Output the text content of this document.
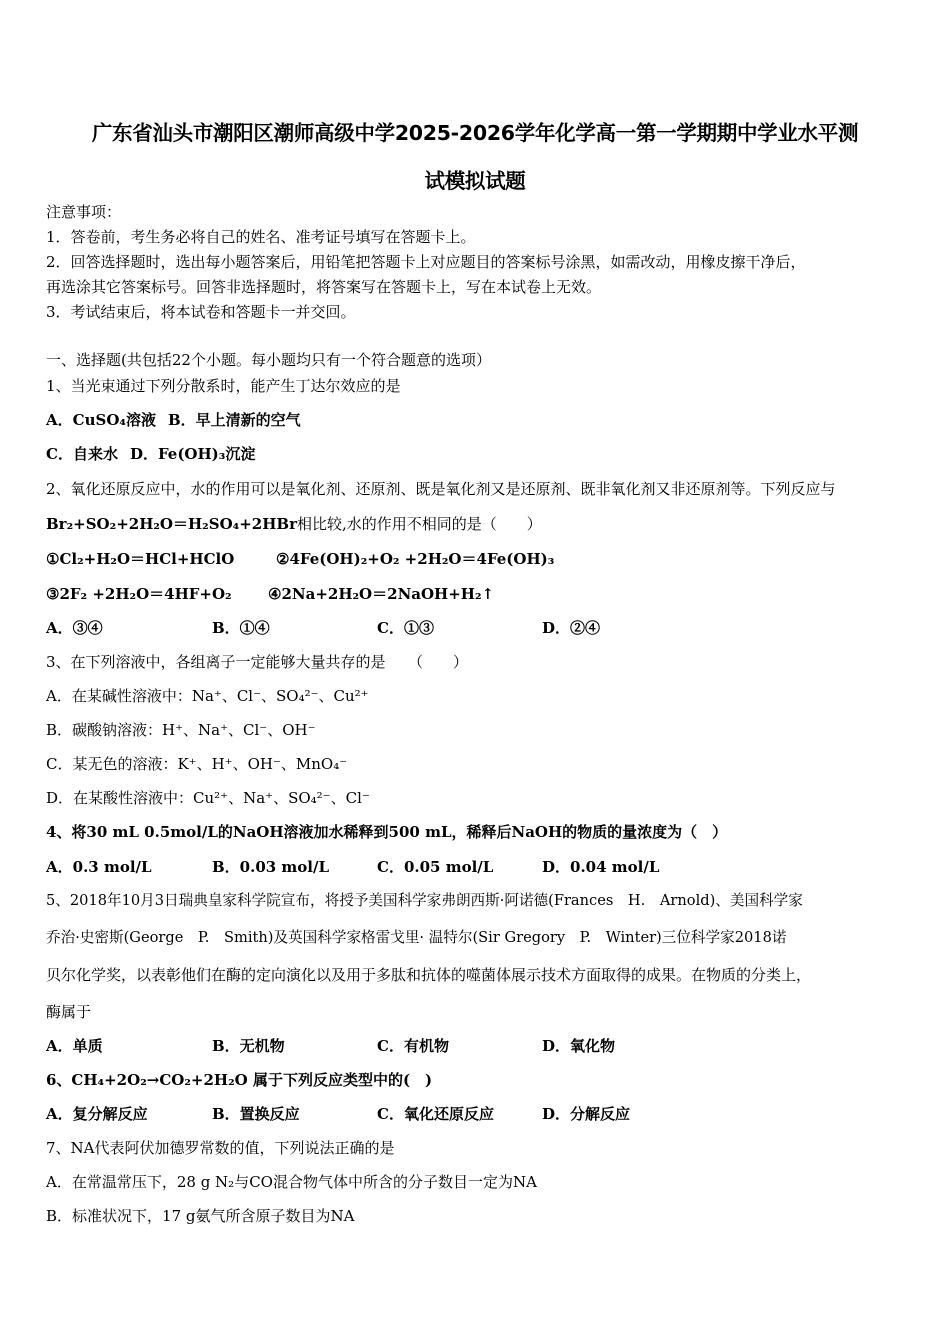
广东省汕头市潮阳区潮师高级中学2025-2026学年化学高一第一学期期中学业水平测
试模拟试题
注意事项：
1．答卷前，考生务必将自己的姓名、准考证号填写在答题卡上。
2．回答选择题时，选出每小题答案后，用铅笔把答题卡上对应题目的答案标号涂黑，如需改动，用橡皮擦干净后，
再选涂其它答案标号。回答非选择题时，将答案写在答题卡上，写在本试卷上无效。
3．考试结束后，将本试卷和答题卡一并交回。
一、选择题(共包括22个小题。每小题均只有一个符合题意的选项）
1、当光束通过下列分散系时，能产生丁达尔效应的是
A．CuSO₄溶液 B．早上清新的空气
C．自来水 D．Fe(OH)₃沉淀
2、氧化还原反应中，水的作用可以是氧化剂、还原剂、既是氧化剂又是还原剂、既非氧化剂又非还原剂等。下列反应与
Br₂+SO₂+2H₂O＝H₂SO₄+2HBr相比较,水的作用不相同的是（　　）
①Cl₂+H₂O＝HCl+HClO	②4Fe(OH)₂+O₂ +2H₂O＝4Fe(OH)₃
③2F₂ +2H₂O＝4HF+O₂ ④2Na+2H₂O＝2NaOH+H₂↑
A．③④	B．①④	C．①③	D．②④
3、在下列溶液中，各组离子一定能够大量共存的是　　（　　）
A．在某碱性溶液中：Na⁺、Cl⁻、SO₄²⁻、Cu²⁺
B．碳酸钠溶液：H⁺、Na⁺、Cl⁻、OH⁻
C．某无色的溶液：K⁺、H⁺、OH⁻、MnO₄⁻
D．在某酸性溶液中：Cu²⁺、Na⁺、SO₄²⁻、Cl⁻
4、将30 mL 0.5mol/L的NaOH溶液加水稀释到500 mL，稀释后NaOH的物质的量浓度为（　）
A．0.3 mol/L	B．0.03 mol/L	C．0.05 mol/L	D．0.04 mol/L
5、2018年10月3日瑞典皇家科学院宣布，将授予美国科学家弗朗西斯·阿诺德(Frances　H.　Arnold)、美国科学家
乔治·史密斯(George　P.　Smith)及英国科学家格雷戈里· 温特尔(Sir Gregory　P.　Winter)三位科学家2018诺
贝尔化学奖，以表彰他们在酶的定向演化以及用于多肽和抗体的噬菌体展示技术方面取得的成果。在物质的分类上，
酶属于
A．单质	B．无机物	C．有机物	D．氧化物
6、CH₄+2O₂→CO₂+2H₂O 属于下列反应类型中的(　)
A．复分解反应	B．置换反应	C．氧化还原反应	D．分解反应
7、NA代表阿伏加德罗常数的值，下列说法正确的是
A．在常温常压下，28 g N₂与CO混合物气体中所含的分子数目一定为NA
B．标准状况下，17 g氨气所含原子数目为NA
